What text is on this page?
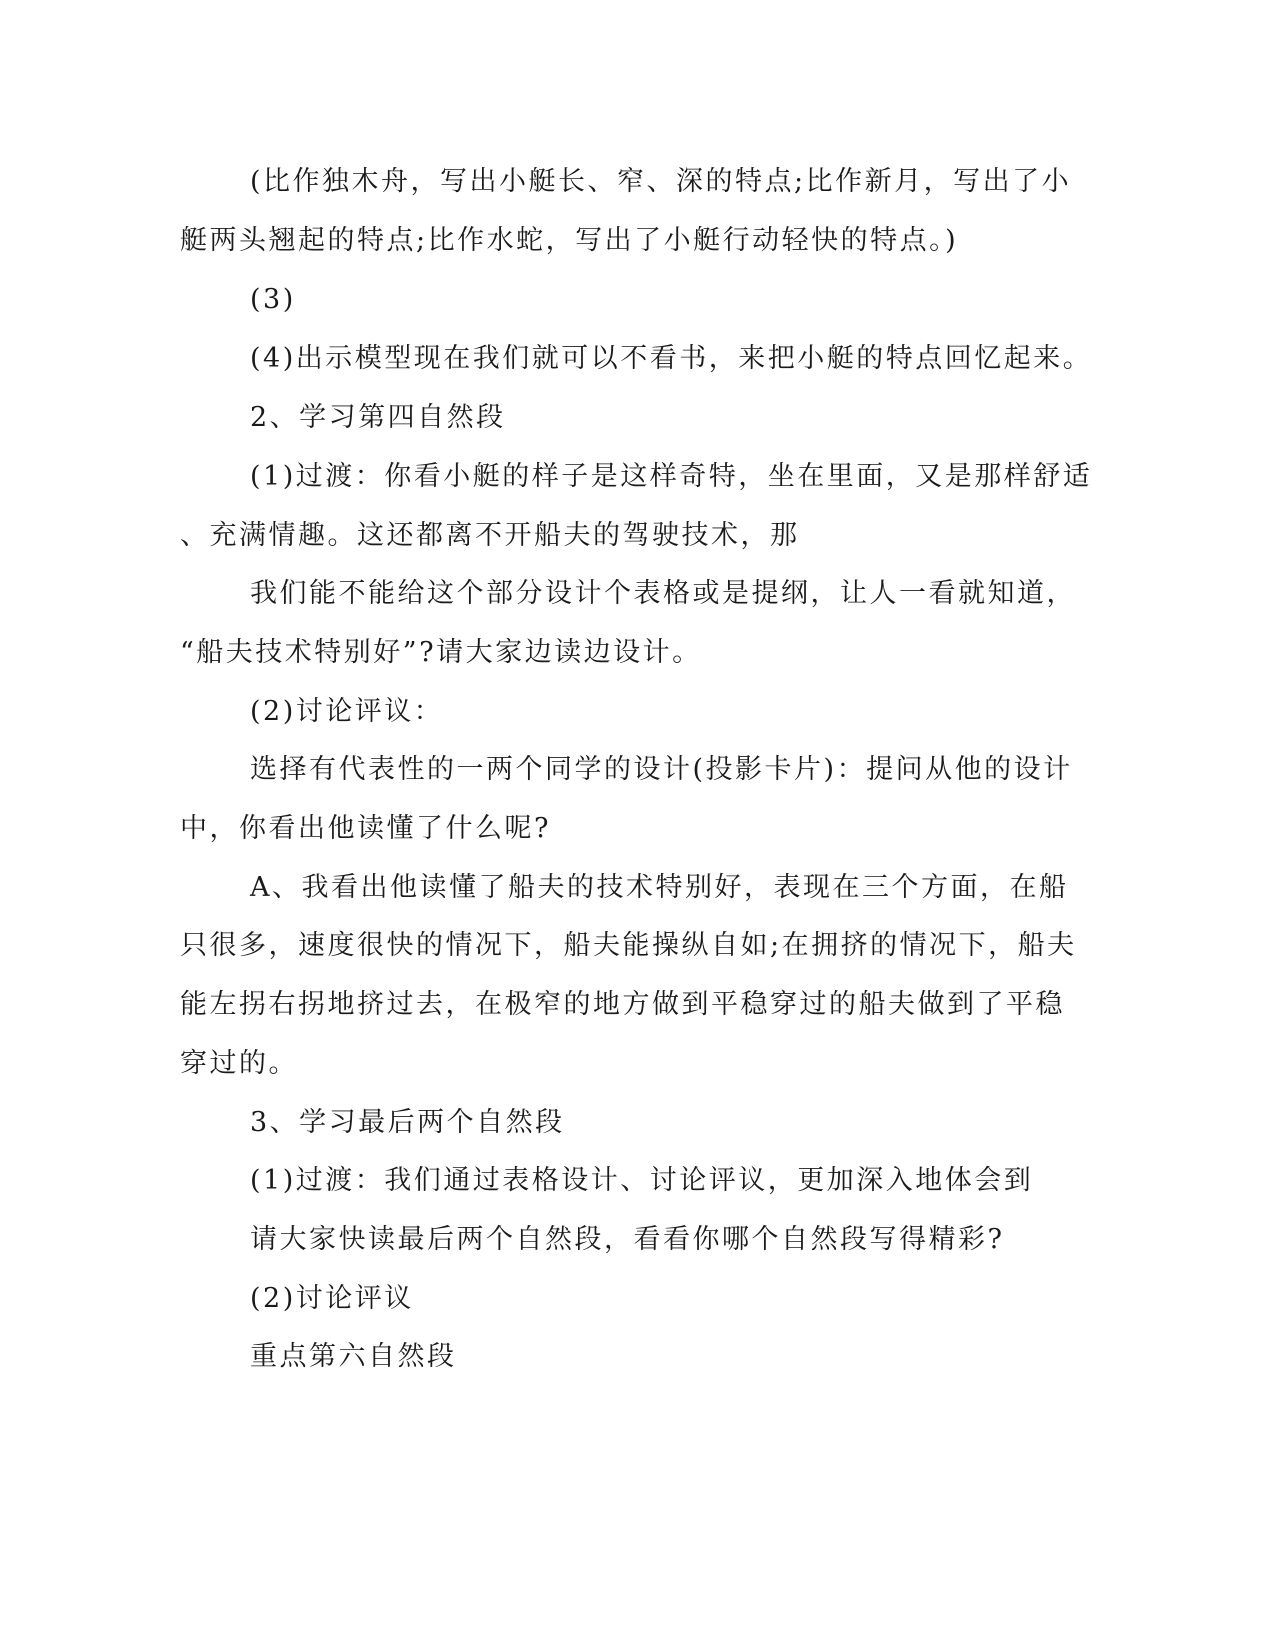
(比作独木舟，写出小艇长、窄、深的特点;比作新月，写出了小
艇两头翘起的特点;比作水蛇，写出了小艇行动轻快的特点。)
(3)
(4)出示模型现在我们就可以不看书，来把小艇的特点回忆起来。
2、学习第四自然段
(1)过渡：你看小艇的样子是这样奇特，坐在里面，又是那样舒适
、充满情趣。这还都离不开船夫的驾驶技术，那
我们能不能给这个部分设计个表格或是提纲，让人一看就知道，
“船夫技术特别好”?请大家边读边设计。
(2)讨论评议：
选择有代表性的一两个同学的设计(投影卡片)：提问从他的设计
中，你看出他读懂了什么呢?
A、我看出他读懂了船夫的技术特别好，表现在三个方面，在船
只很多，速度很快的情况下，船夫能操纵自如;在拥挤的情况下，船夫
能左拐右拐地挤过去，在极窄的地方做到平稳穿过的船夫做到了平稳
穿过的。
3、学习最后两个自然段
(1)过渡：我们通过表格设计、讨论评议，更加深入地体会到
请大家快读最后两个自然段，看看你哪个自然段写得精彩?
(2)讨论评议
重点第六自然段
